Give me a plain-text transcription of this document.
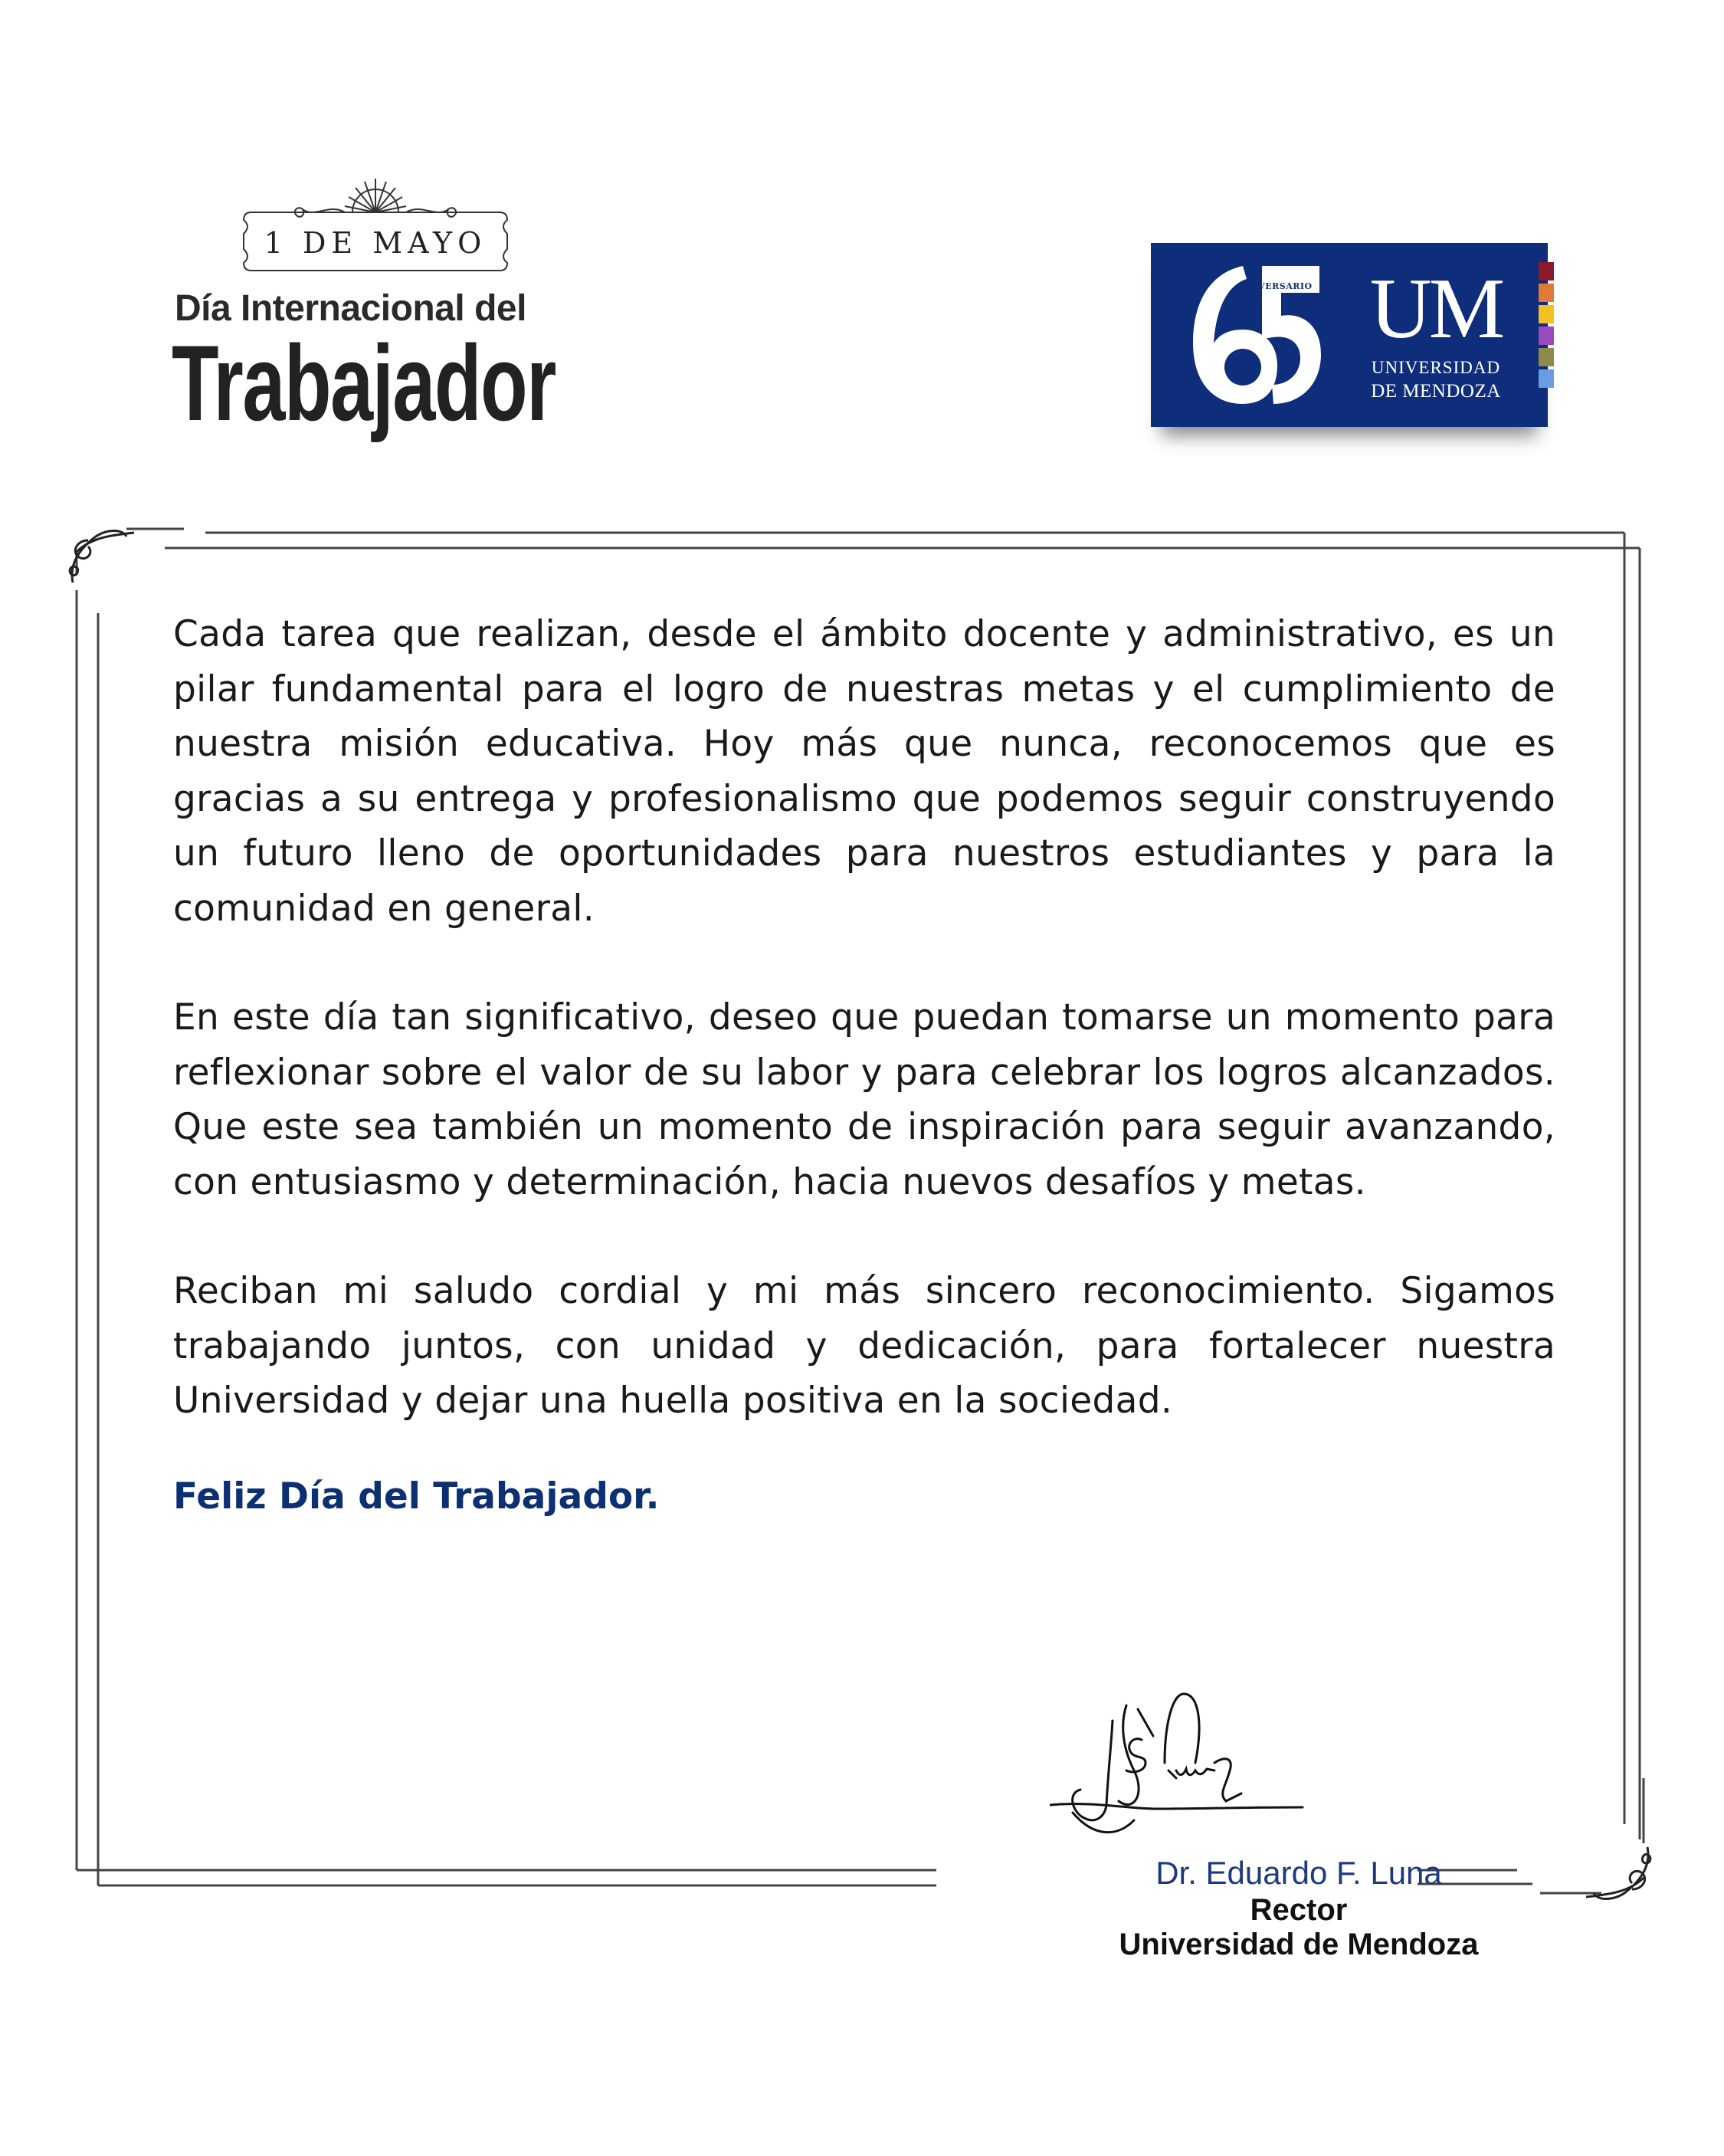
1 DE MAYO
Día Internacional del
Trabajador
ANIVERSARIO UM
UNIVERSIDAD
DE MENDOZA

Cada tarea que realizan, desde el ámbito docente y administrativo, es un pilar fundamental para el logro de nuestras metas y el cumplimiento de nuestra misión educativa. Hoy más que nunca, reconocemos que es gracias a su entrega y profesionalismo que podemos seguir construyendo un futuro lleno de oportunidades para nuestros estudiantes y para la comunidad en general.

En este día tan significativo, deseo que puedan tomarse un momento para reflexionar sobre el valor de su labor y para celebrar los logros alcanzados. Que este sea también un momento de inspiración para seguir avanzando, con entusiasmo y determinación, hacia nuevos desafíos y metas.

Reciban mi saludo cordial y mi más sincero reconocimiento. Sigamos trabajando juntos, con unidad y dedicación, para fortalecer nuestra Universidad y dejar una huella positiva en la sociedad.

Feliz Día del Trabajador.
Dr. Eduardo F. Luna
Rector
Universidad de Mendoza
